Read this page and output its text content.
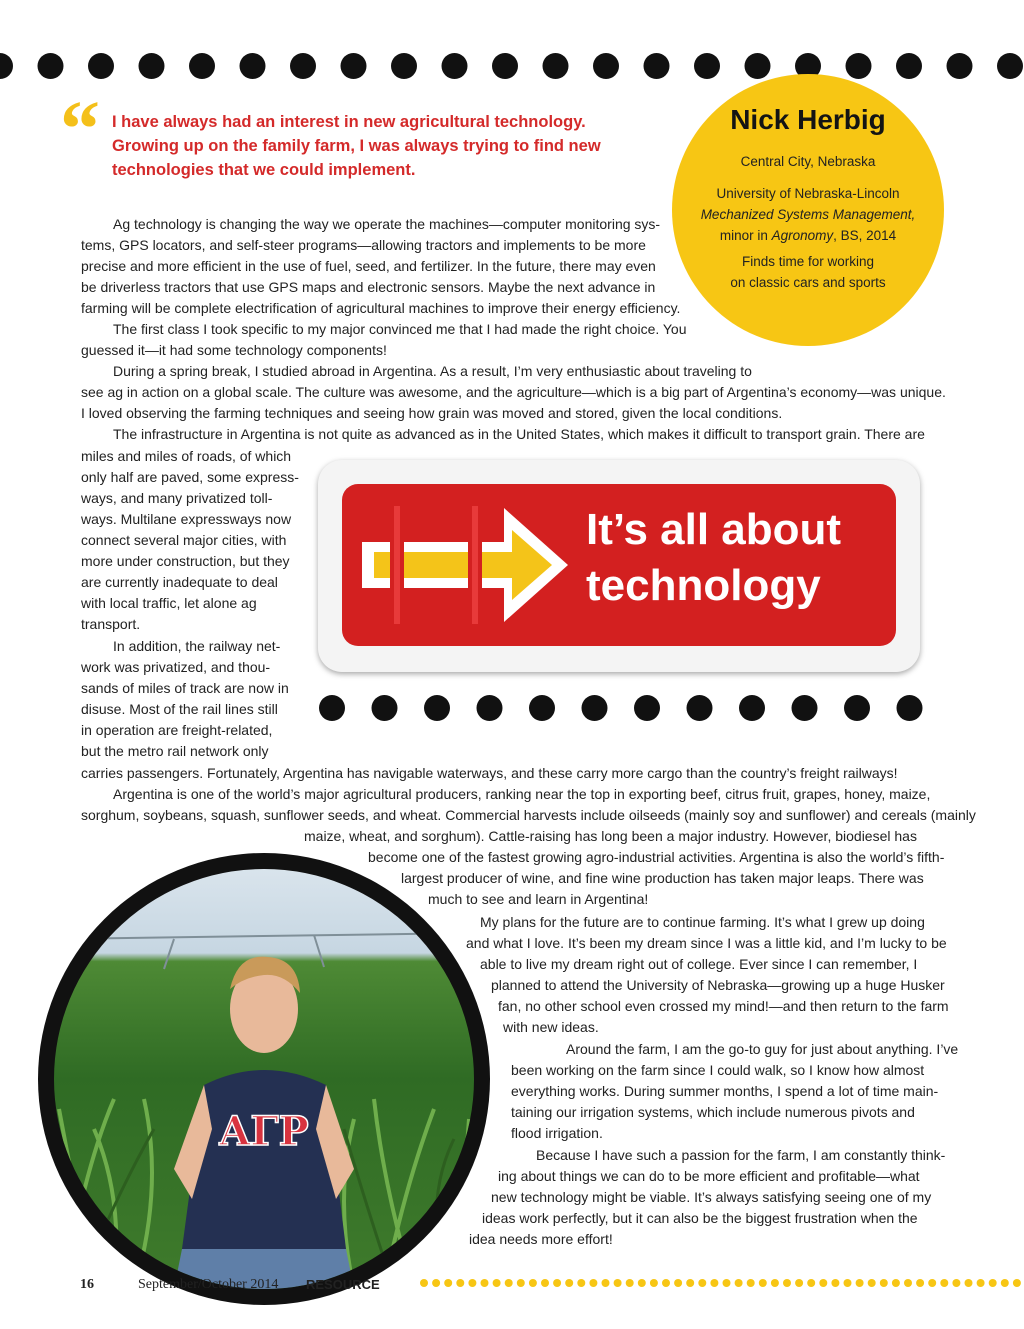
“ I have always had an interest in new agricultural technology.
Growing up on the family farm, I was always trying to find new
technologies that we could implement.
Nick Herbig
Central City, Nebraska
University of Nebraska-Lincoln
Mechanized Systems Management,
minor in Agronomy, BS, 2014
Finds time for working
on classic cars and sports
Ag technology is changing the way we operate the machines—computer monitoring sys-
tems, GPS locators, and self-steer programs—allowing tractors and implements to be more
precise and more efficient in the use of fuel, seed, and fertilizer. In the future, there may even
be driverless tractors that use GPS maps and electronic sensors. Maybe the next advance in
farming will be complete electrification of agricultural machines to improve their energy efficiency.
The first class I took specific to my major convinced me that I had made the right choice. You
guessed it—it had some technology components!
During a spring break, I studied abroad in Argentina. As a result, I’m very enthusiastic about traveling to
see ag in action on a global scale. The culture was awesome, and the agriculture—which is a big part of Argentina’s economy—was unique.
I loved observing the farming techniques and seeing how grain was moved and stored, given the local conditions.
The infrastructure in Argentina is not quite as advanced as in the United States, which makes it difficult to transport grain. There are
miles and miles of roads, of which
only half are paved, some express-
ways, and many privatized toll-
ways. Multilane expressways now
connect several major cities, with
more under construction, but they
are currently inadequate to deal
with local traffic, let alone ag
transport.
In addition, the railway net-
work was privatized, and thou-
sands of miles of track are now in
disuse. Most of the rail lines still
in operation are freight-related,
but the metro rail network only
carries passengers. Fortunately, Argentina has navigable waterways, and these carry more cargo than the country’s freight railways!
Argentina is one of the world’s major agricultural producers, ranking near the top in exporting beef, citrus fruit, grapes, honey, maize,
sorghum, soybeans, squash, sunflower seeds, and wheat. Commercial harvests include oilseeds (mainly soy and sunflower) and cereals (mainly
maize, wheat, and sorghum). Cattle-raising has long been a major industry. However, biodiesel has
become one of the fastest growing agro-industrial activities. Argentina is also the world’s fifth-
largest producer of wine, and fine wine production has taken major leaps. There was
much to see and learn in Argentina!
My plans for the future are to continue farming. It’s what I grew up doing
and what I love. It’s been my dream since I was a little kid, and I’m lucky to be
able to live my dream right out of college. Ever since I can remember, I
planned to attend the University of Nebraska—growing up a huge Husker
fan, no other school even crossed my mind!—and then return to the farm
with new ideas.
Around the farm, I am the go-to guy for just about anything. I’ve
been working on the farm since I could walk, so I know how almost
everything works. During summer months, I spend a lot of time main-
taining our irrigation systems, which include numerous pivots and
flood irrigation.
Because I have such a passion for the farm, I am constantly think-
ing about things we can do to be more efficient and profitable—what
new technology might be viable. It’s always satisfying seeing one of my
ideas work perfectly, but it can also be the biggest frustration when the
idea needs more effort!
It’s all about
technology
ΑΓΡ
16	September/October 2014 RESOURCE
